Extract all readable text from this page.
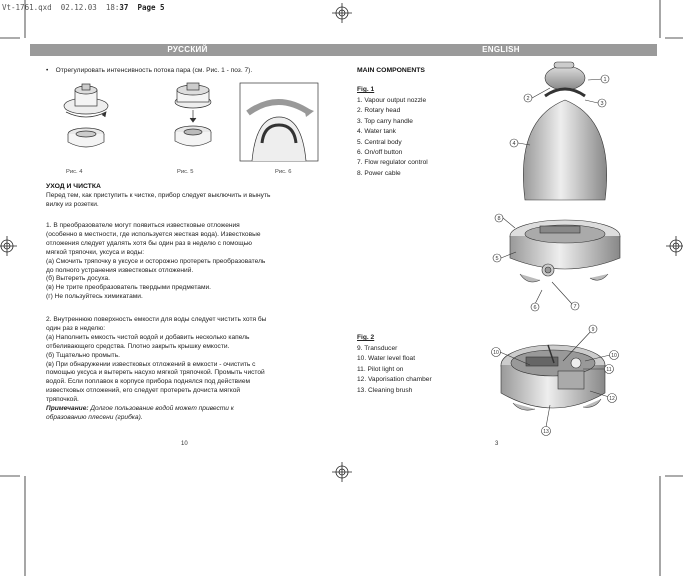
Vt-1761.qxd 02.12.03 18:37 Page 5
РУССКИЙ	ENGLISH
•    Отрегулировать интенсивность потока пара (см. Рис. 1 - поз. 7).
Рис. 4	Рис. 5	Рис. 6
УХОД И ЧИСТКА
Перед тем, как приступить к чистке, прибор следует выключить и вынуть
вилку из розетки.
1. В преобразователе могут появиться известковые отложения
(особенно в местности, где используется жесткая вода). Известковые
отложения следует удалять хотя бы один раз в неделю с помощью
мягкой тряпочки, уксуса и воды:
(а) Смочить тряпочку в уксусе и осторожно протереть преобразователь
до полного устранения известковых отложений.
(б) Вытереть досуха.
(в) Не трите преобразователь твердыми предметами.
(г) Не пользуйтесь химикатами.
2. Внутреннюю поверхность емкости для воды следует чистить хотя бы
один раз в неделю:
(а) Наполнить емкость чистой водой и добавить несколько капель
отбеливающего средства. Плотно закрыть крышку емкости.
(б) Тщательно промыть.
(в) При обнаружении известковых отложений в емкости - очистить с
помощью уксуса и вытереть насухо мягкой тряпочкой. Промыть чистой
водой. Если поплавок в корпусе прибора поднялся под действием
известковых отложений, его следует протереть дочиста мягкой
тряпочкой.
Примечание: Долгое пользование водой может привести к
образованию плесени (грибка).
10
MAIN COMPONENTS
Fig. 1
1. Vapour output nozzle
2. Rotary head
3. Top carry handle
4. Water tank
5. Central body
6. On/off button
7. Flow regulator control
8. Power cable
Fig. 2
9. Transducer
10. Water level float
11. Pilot light on
12. Vaporisation chamber
13. Cleaning brush
1
2
3
4
8
5
6	7
9
10	10
11
12
13
3
